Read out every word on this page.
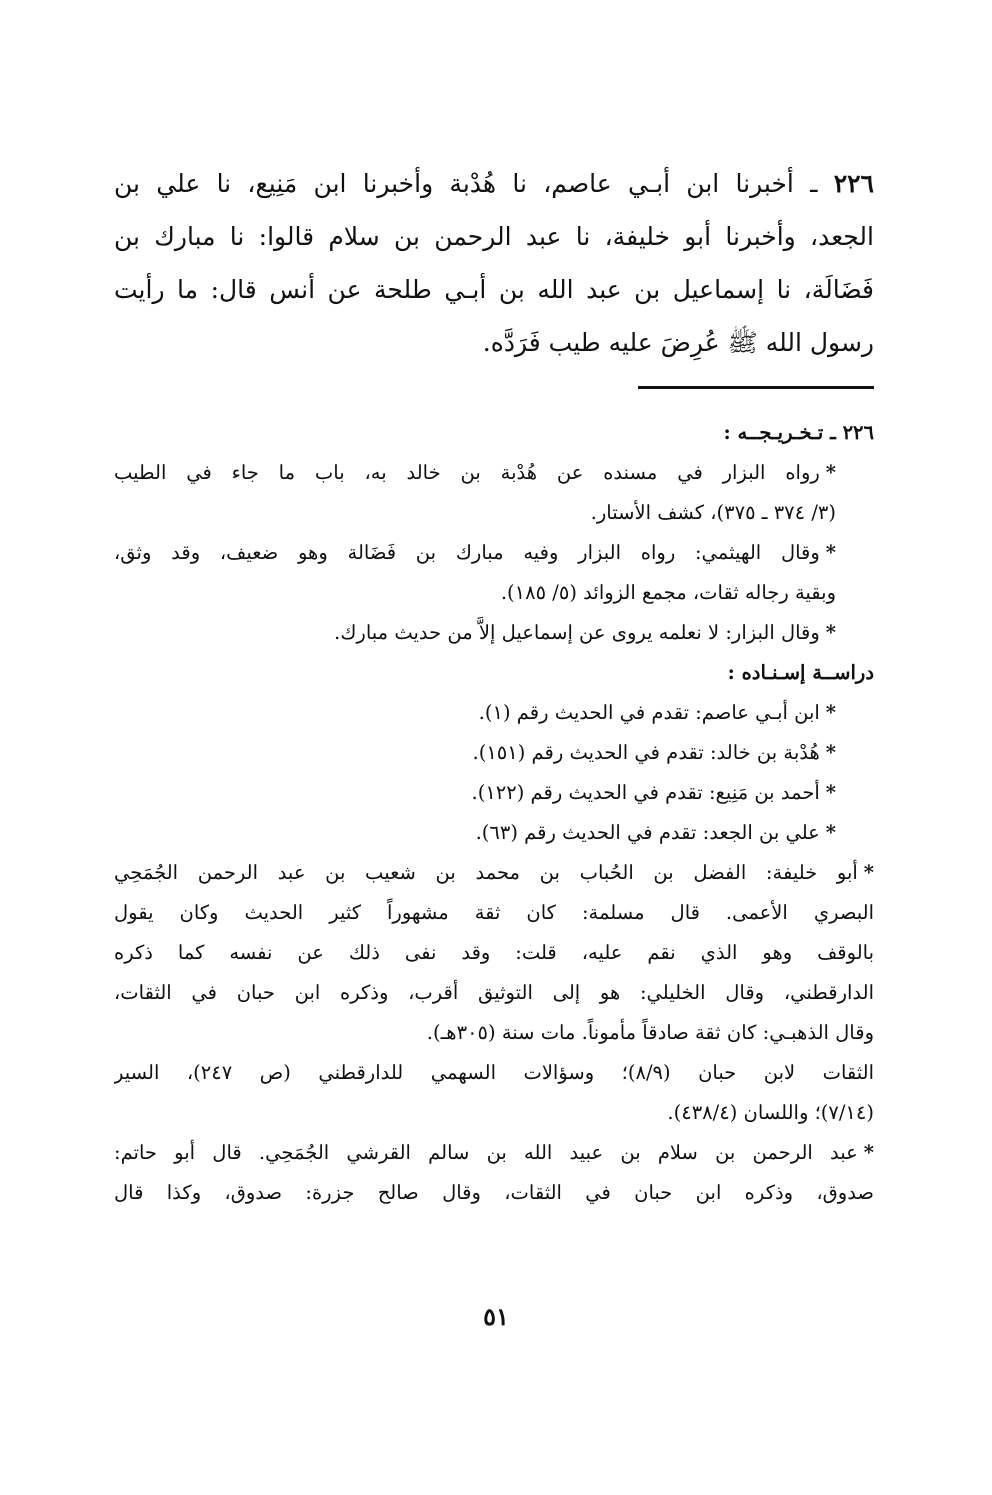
٢٢٦ ـ أخبرنا ابن أبـي عاصم، نا هُدْبة وأخبرنا ابن مَنِيع، نا علي بن
الجعد، وأخبرنا أبو خليفة، نا عبد الرحمن بن سلام قالوا: نا مبارك بن
فَضَالَة، نا إسماعيل بن عبد الله بن أبـي طلحة عن أنس قال: ما رأيت
رسول الله ﷺ عُرِضَ عليه طيب فَرَدَّه.
٢٢٦ ـ تـخـريـجــه :
*رواه البزار في مسنده عن هُدْبة بن خالد به، باب ما جاء في الطيب
(٣/ ٣٧٤ ـ ٣٧٥)، كشف الأستار.
*وقال الهيثمي: رواه البزار وفيه مبارك بن فَضَالة وهو ضعيف، وقد وثق،
وبقية رجاله ثقات، مجمع الزوائد (٥/ ١٨٥).
*وقال البزار: لا نعلمه يروى عن إسماعيل إلاَّ من حديث مبارك.
دراســة إسـنـاده :
*ابن أبـي عاصم: تقدم في الحديث رقم (١).
*هُدْبة بن خالد: تقدم في الحديث رقم (١٥١).
*أحمد بن مَنِيع: تقدم في الحديث رقم (١٢٢).
*علي بن الجعد: تقدم في الحديث رقم (٦٣).
*أبو خليفة: الفضل بن الحُباب بن محمد بن شعيب بن عبد الرحمن الجُمَحِي
البصري الأعمى. قال مسلمة: كان ثقة مشهوراً كثير الحديث وكان يقول
بالوقف وهو الذي نقم عليه، قلت: وقد نفى ذلك عن نفسه كما ذكره
الدارقطني، وقال الخليلي: هو إلى التوثيق أقرب، وذكره ابن حبان في الثقات،
وقال الذهبـي: كان ثقة صادقاً مأموناً. مات سنة (٣٠٥هـ).
الثقات لابن حبان (٨/٩)؛ وسؤالات السهمي للدارقطني (ص ٢٤٧)، السير
(٧/١٤)؛ واللسان (٤٣٨/٤).
*عبد الرحمن بن سلام بن عبيد الله بن سالم القرشي الجُمَحِي. قال أبو حاتم:
صدوق، وذكره ابن حبان في الثقات، وقال صالح جزرة: صدوق، وكذا قال
٥١
